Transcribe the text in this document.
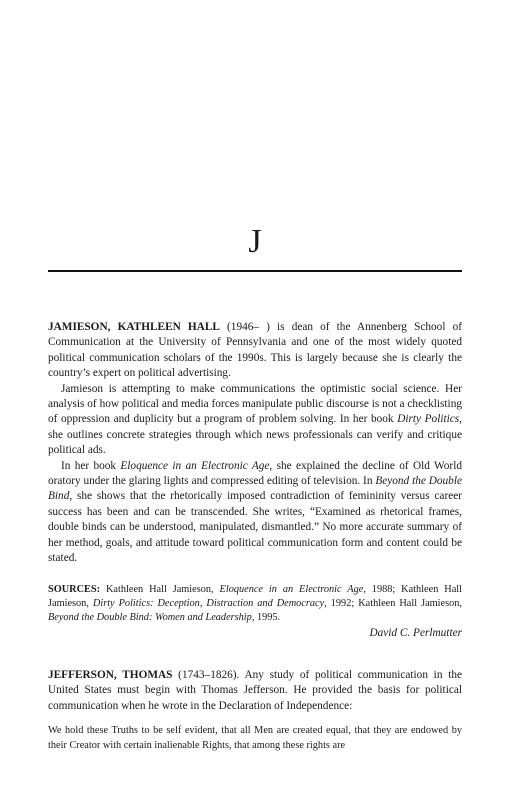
J

JAMIESON, KATHLEEN HALL (1946– ) is dean of the Annenberg School of Communication at the University of Pennsylvania and one of the most widely quoted political communication scholars of the 1990s. This is largely because she is clearly the country’s expert on political advertising.

Jamieson is attempting to make communications the optimistic social science. Her analysis of how political and media forces manipulate public discourse is not a checklisting of oppression and duplicity but a program of problem solving. In her book Dirty Politics, she outlines concrete strategies through which news professionals can verify and critique political ads.

In her book Eloquence in an Electronic Age, she explained the decline of Old World oratory under the glaring lights and compressed editing of television. In Beyond the Double Bind, she shows that the rhetorically imposed contradiction of femininity versus career success has been and can be transcended. She writes, “Examined as rhetorical frames, double binds can be understood, manipulated, dismantled.” No more accurate summary of her method, goals, and attitude toward political communication form and content could be stated.

SOURCES: Kathleen Hall Jamieson, Eloquence in an Electronic Age, 1988; Kathleen Hall Jamieson, Dirty Politics: Deception, Distraction and Democracy, 1992; Kathleen Hall Jamieson, Beyond the Double Bind: Women and Leadership, 1995.

David C. Perlmutter

JEFFERSON, THOMAS (1743–1826). Any study of political communication in the United States must begin with Thomas Jefferson. He provided the basis for political communication when he wrote in the Declaration of Independence:

We hold these Truths to be self evident, that all Men are created equal, that they are endowed by their Creator with certain inalienable Rights, that among these rights are
